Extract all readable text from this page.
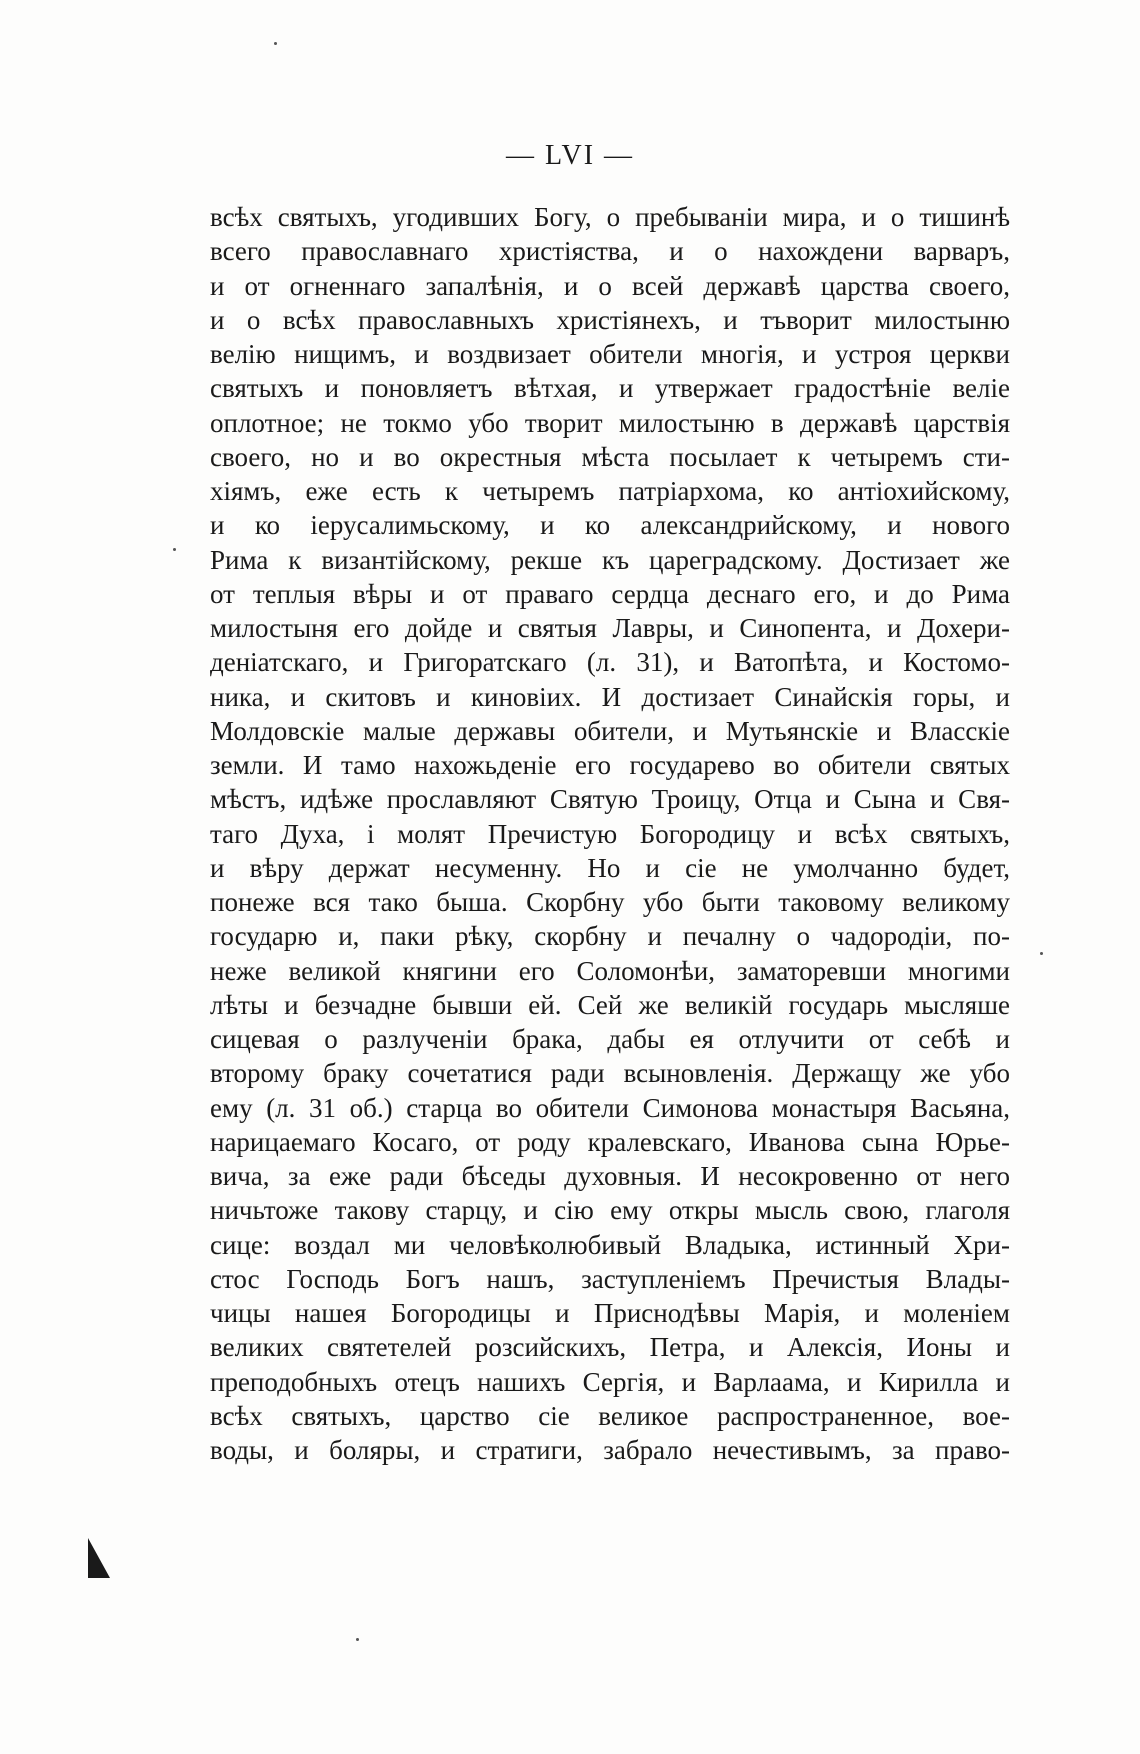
— LVI —
всѣх святыхъ, угодивших Богу, о пребываніи мира, и о тишинѣ
всего православнаго христіяства, и о нахождени варваръ,
и от огненнаго запалѣнія, и о всей державѣ царства своего,
и о всѣх православныхъ христіянехъ, и тъворит милостыню
велію нищимъ, и воздвизает обители многія, и устроя церкви
святыхъ и поновляетъ вѣтхая, и утвержает градостѣніе веліе
оплотное; не токмо убо творит милостыню в державѣ царствія
своего, но и во окрестныя мѣста посылает к четыремъ сти-
хіямъ, еже есть к четыремъ патріархома, ко антіохийскому,
и ко іерусалимьскому, и ко александрийскому, и нового
Рима к византійскому, рекше къ цареградскому. Достизает же
от теплыя вѣры и от праваго сердца деснаго его, и до Рима
милостыня его дойде и святыя Лавры, и Синопента, и Дохери-
деніатскаго, и Григоратскаго (л. 31), и Ватопѣта, и Костомо-
ника, и скитовъ и киновіих. И достизает Синайскія горы, и
Молдовскіе малые державы обители, и Мутьянскіе и Власскіе
земли. И тамо нахожьденіе его государево во обители святых
мѣстъ, идѣже прославляют Святую Троицу, Отца и Сына и Свя-
таго Духа, і молят Пречистую Богородицу и всѣх святыхъ,
и вѣру держат несуменну. Но и сіе не умолчанно будет,
понеже вся тако быша. Скорбну убо быти таковому великому
государю и, паки рѣку, скорбну и печалну о чадородіи, по-
неже великой княгини его Соломонѣи, заматоревши многими
лѣты и безчадне бывши ей. Сей же великій государь мысляше
сицевая о разлученіи брака, дабы ея отлучити от себѣ и
второму браку сочетатися ради всыновленія. Держащу же убо
ему (л. 31 об.) старца во обители Симонова монастыря Васьяна,
нарицаемаго Косаго, от роду кралевскаго, Иванова сына Юрье-
вича, за еже ради бѣседы духовныя. И несокровенно от него
ничьтоже такову старцу, и сію ему откры мысль свою, глаголя
сице: воздал ми человѣколюбивый Владыка, истинный Хри-
стос Господь Богъ нашъ, заступленіемъ Пречистыя Влады-
чицы нашея Богородицы и Приснодѣвы Марія, и моленіем
великих святетелей розсийскихъ, Петра, и Алексія, Ионы и
преподобныхъ отецъ нашихъ Сергія, и Варлаама, и Кирилла и
всѣх святыхъ, царство сіе великое распространенное, вое-
воды, и боляры, и стратиги, забрало нечестивымъ, за право-
